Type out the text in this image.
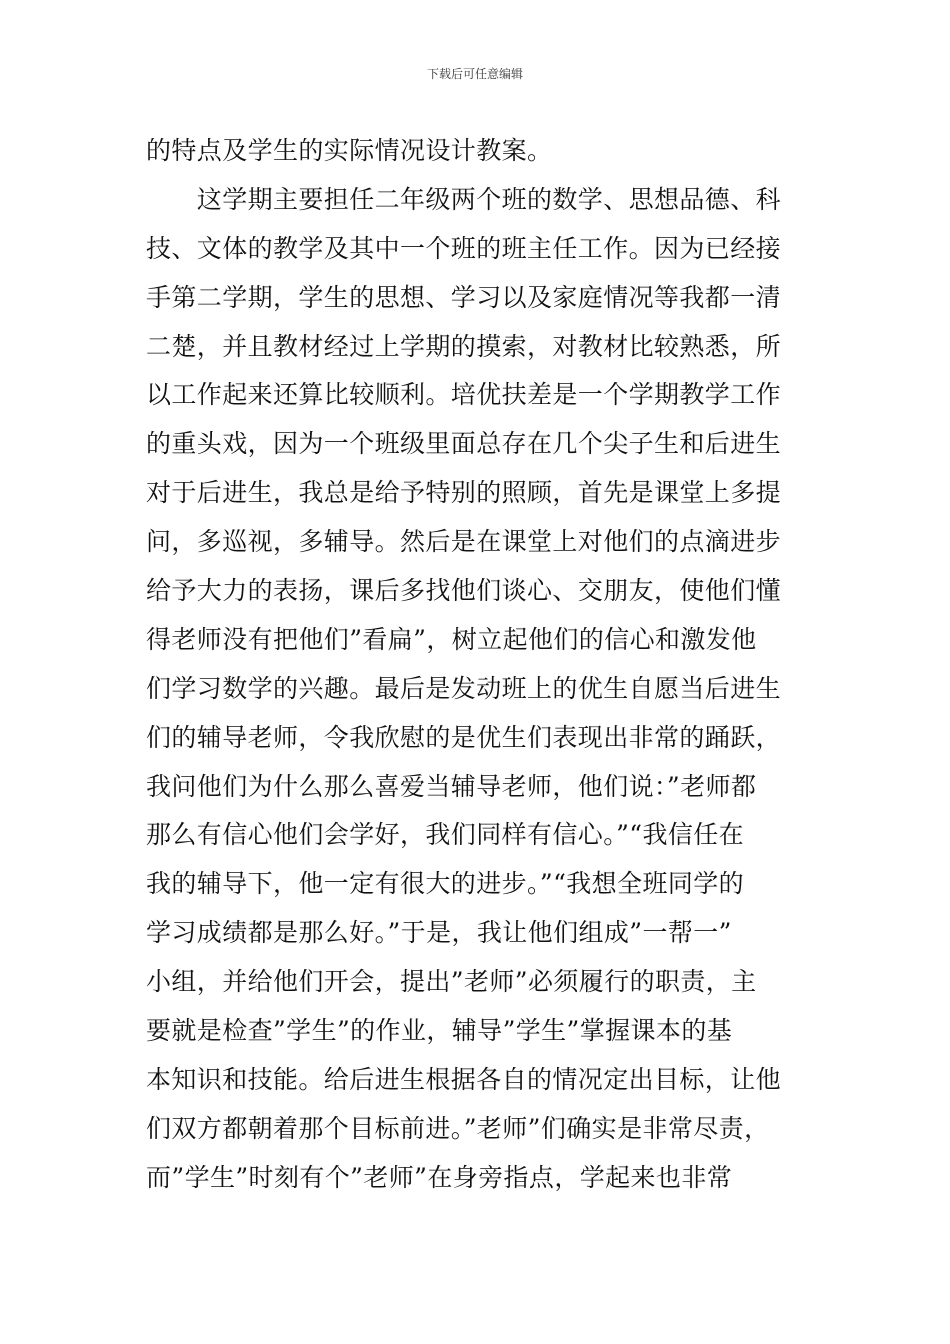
下载后可任意编辑
的特点及学生的实际情况设计教案。
　　这学期主要担任二年级两个班的数学、思想品德、科
技、文体的教学及其中一个班的班主任工作。因为已经接
手第二学期，学生的思想、学习以及家庭情况等我都一清
二楚，并且教材经过上学期的摸索，对教材比较熟悉，所
以工作起来还算比较顺利。培优扶差是一个学期教学工作
的重头戏，因为一个班级里面总存在几个尖子生和后进生
对于后进生，我总是给予特别的照顾，首先是课堂上多提
问，多巡视，多辅导。然后是在课堂上对他们的点滴进步
给予大力的表扬，课后多找他们谈心、交朋友，使他们懂
得老师没有把他们”看扁”，树立起他们的信心和激发他
们学习数学的兴趣。最后是发动班上的优生自愿当后进生
们的辅导老师，令我欣慰的是优生们表现出非常的踊跃，
我问他们为什么那么喜爱当辅导老师，他们说：”老师都
那么有信心他们会学好，我们同样有信心。”“我信任在
我的辅导下，他一定有很大的进步。”“我想全班同学的
学习成绩都是那么好。”于是，我让他们组成”一帮一”
小组，并给他们开会，提出”老师”必须履行的职责，主
要就是检查”学生”的作业，辅导”学生”掌握课本的基
本知识和技能。给后进生根据各自的情况定出目标，让他
们双方都朝着那个目标前进。”老师”们确实是非常尽责，
而”学生”时刻有个”老师”在身旁指点，学起来也非常
